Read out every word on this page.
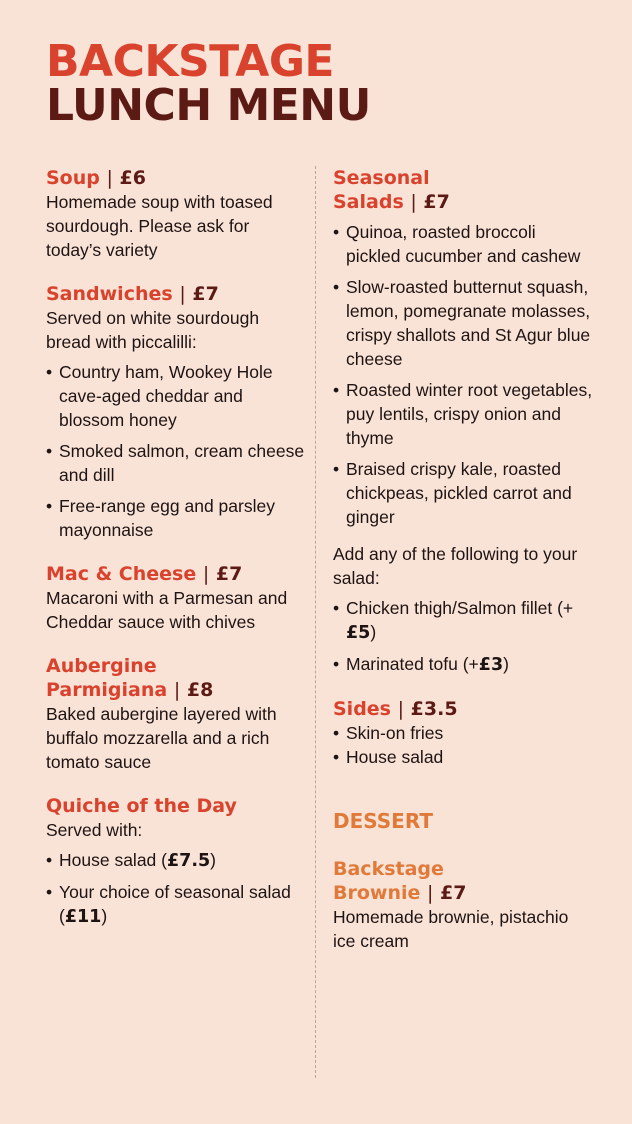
BACKSTAGE
LUNCH MENU
Soup | £6

Homemade soup with toased sourdough. Please ask for today’s variety

Sandwiches | £7

Served on white sourdough bread with piccalilli:

• Country ham, Wookey Hole cave-aged cheddar and blossom honey
• Smoked salmon, cream cheese and dill
• Free-range egg and parsley mayonnaise
Mac & Cheese | £7

Macaroni with a Parmesan and Cheddar sauce with chives

Aubergine
Parmigiana | £8

Baked aubergine layered with buffalo mozzarella and a rich tomato sauce

Quiche of the Day

Served with:

• House salad (£7.5)
• Your choice of seasonal salad (£11)
Seasonal
Salads | £7
• Quinoa, roasted broccoli pickled cucumber and cashew
• Slow-roasted butternut squash, lemon, pomegranate molasses, crispy shallots and St Agur blue cheese
• Roasted winter root vegetables, puy lentils, crispy onion and thyme
• Braised crispy kale, roasted chickpeas, pickled carrot and ginger

Add any of the following to your salad:

• Chicken thigh/Salmon fillet (+£5)
• Marinated tofu (+£3)
Sides | £3.5
• Skin-on fries
• House salad
DESSERT
Backstage
Brownie | £7

Homemade brownie, pistachio ice cream
